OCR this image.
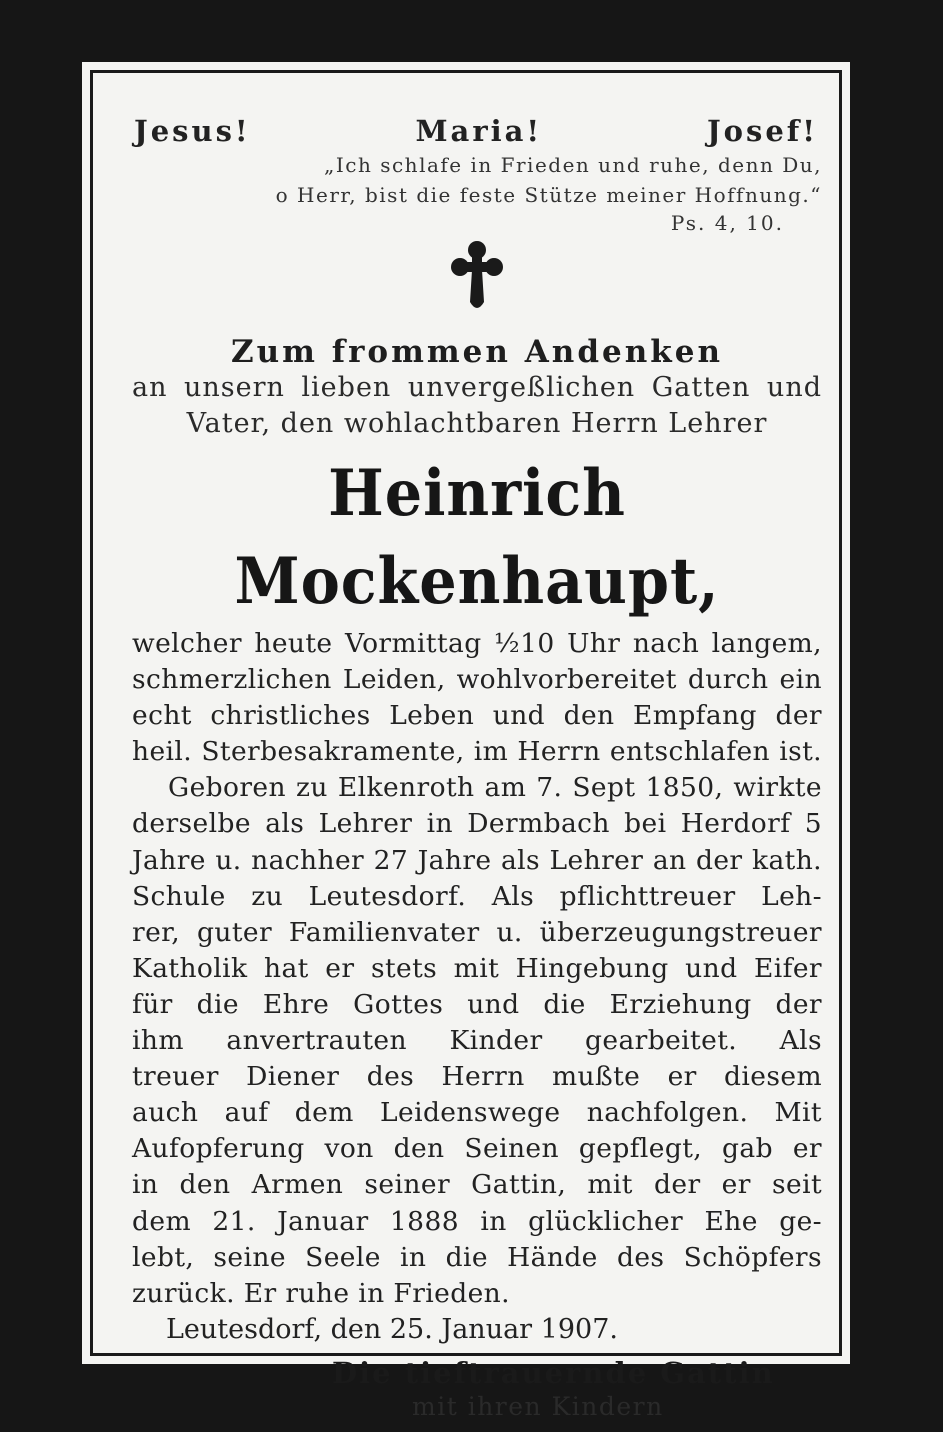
Jesus!	Maria!	Josef!
„Ich schlafe in Frieden und ruhe, denn Du,
o Herr, bist die feste Stütze meiner Hoffnung.“
Ps. 4, 10.
Zum frommen Andenken
an unsern lieben unvergeßlichen Gatten und
Vater, den wohlachtbaren Herrn Lehrer
Heinrich Mockenhaupt,

welcher heute Vormittag ½10 Uhr nach langem,

schmerzlichen Leiden, wohlvorbereitet durch ein

echt christliches Leben und den Empfang der

heil. Sterbesakramente, im Herrn entschlafen ist.

Geboren zu Elkenroth am 7. Sept 1850, wirkte

derselbe als Lehrer in Dermbach bei Herdorf 5

Jahre u. nachher 27 Jahre als Lehrer an der kath.

Schule zu Leutesdorf. Als pflichttreuer Leh-

rer, guter Familienvater u. überzeugungstreuer

Katholik hat er stets mit Hingebung und Eifer

für die Ehre Gottes und die Erziehung der

ihm anvertrauten Kinder gearbeitet. Als

treuer Diener des Herrn mußte er diesem

auch auf dem Leidenswege nachfolgen. Mit

Aufopferung von den Seinen gepflegt, gab er

in den Armen seiner Gattin, mit der er seit

dem 21. Januar 1888 in glücklicher Ehe ge-

lebt, seine Seele in die Hände des Schöpfers

zurück. Er ruhe in Frieden.

Leutesdorf, den 25. Januar 1907.
Die tieftrauernde Gattin
mit ihren Kindern
